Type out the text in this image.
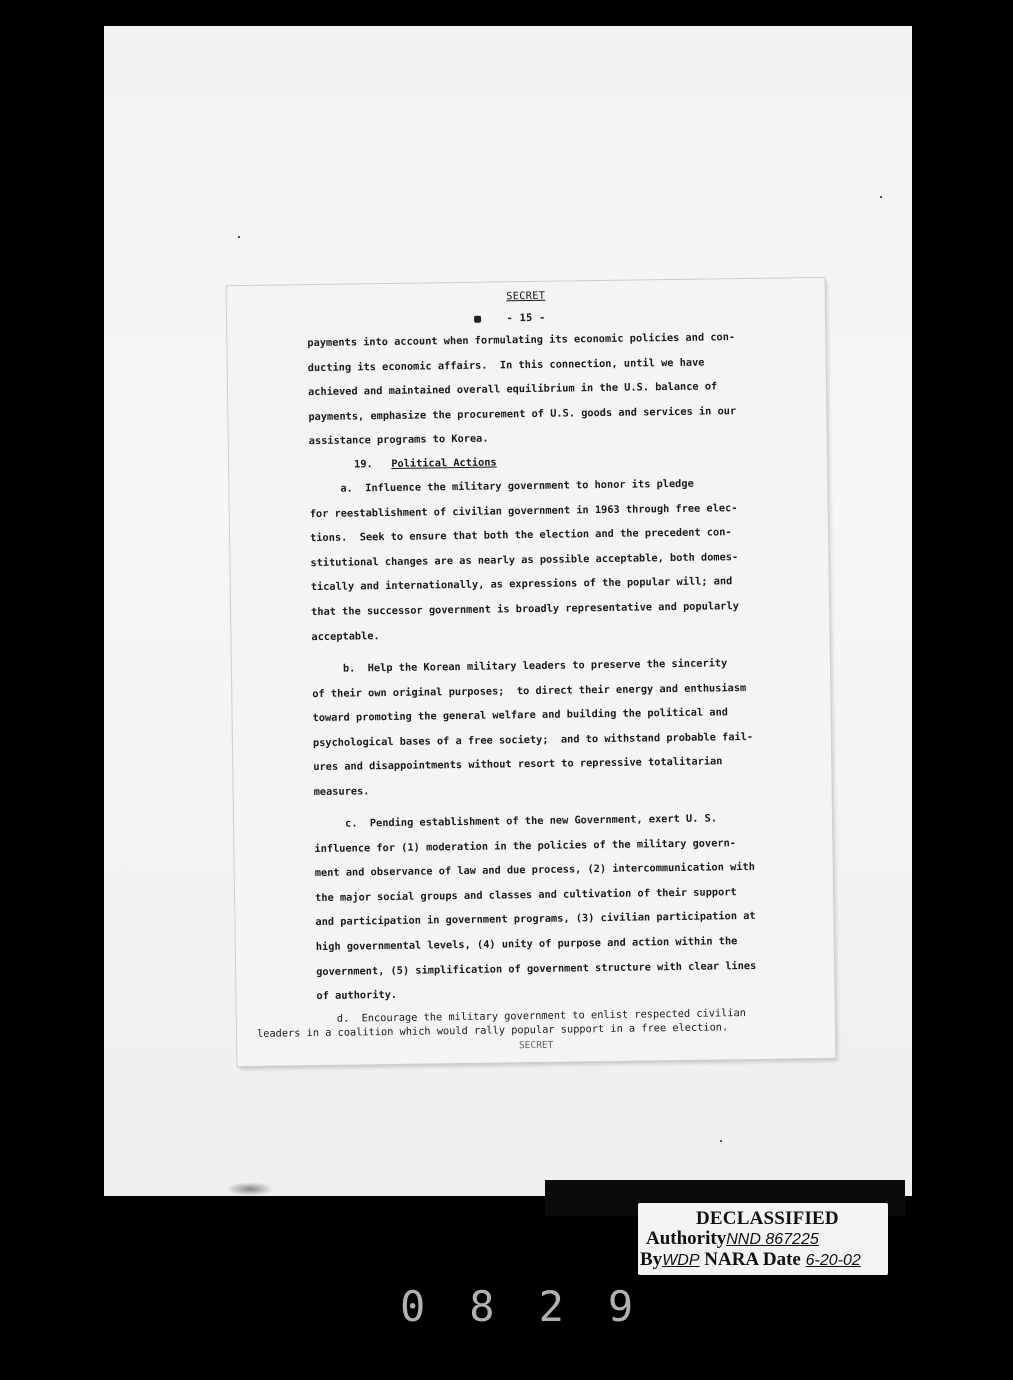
SECRET
- 15 -

payments into account when formulating its economic policies and con-

ducting its economic affairs.  In this connection, until we have

achieved and maintained overall equilibrium in the U.S. balance of

payments, emphasize the procurement of U.S. goods and services in our

assistance programs to Korea.

19. Political Actions

a.  Influence the military government to honor its pledge

for reestablishment of civilian government in 1963 through free elec-

tions.  Seek to ensure that both the election and the precedent con-

stitutional changes are as nearly as possible acceptable, both domes-

tically and internationally, as expressions of the popular will; and

that the successor government is broadly representative and popularly

acceptable.

b.  Help the Korean military leaders to preserve the sincerity

of their own original purposes;  to direct their energy and enthusiasm

toward promoting the general welfare and building the political and

psychological bases of a free society;  and to withstand probable fail-

ures and disappointments without resort to repressive totalitarian

measures.

c.  Pending establishment of the new Government, exert U. S.

influence for (1) moderation in the policies of the military govern-

ment and observance of law and due process, (2) intercommunication with

the major social groups and classes and cultivation of their support

and participation in government programs, (3) civilian participation at

high governmental levels, (4) unity of purpose and action within the

government, (5) simplification of government structure with clear lines

of authority.

d.  Encourage the military government to enlist respected civilian

leaders in a coalition which would rally popular support in a free election.

SECRET
DECLASSIFIED
AuthorityNND 867225
ByWDP NARA Date 6-20-02
0829
